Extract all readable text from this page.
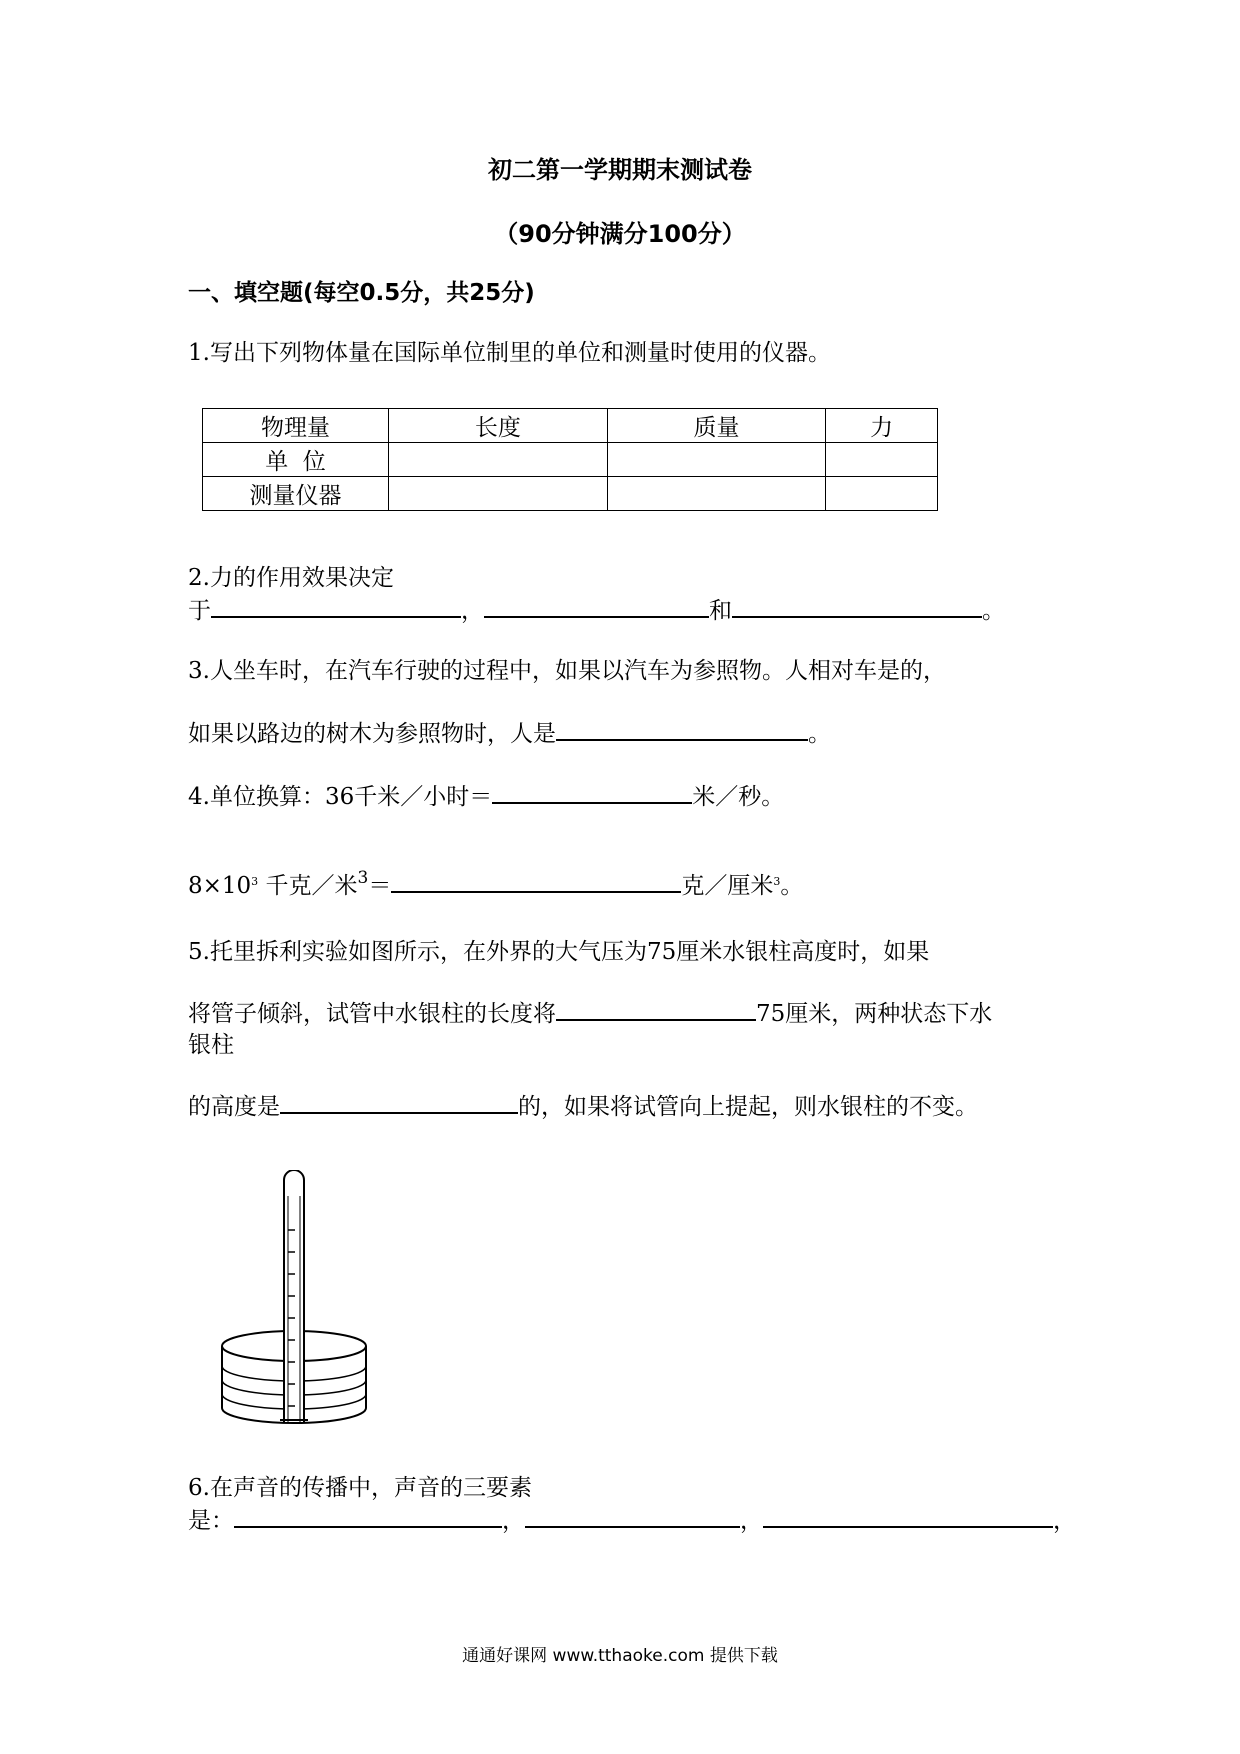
初二第一学期期末测试卷
（90分钟满分100分）
一、填空题(每空0.5分，共25分)
1.写出下列物体量在国际单位制里的单位和测量时使用的仪器。
物理量	长度	质量	力
单  位			
测量仪器			
2.力的作用效果决定
于	，	和	。
3.人坐车时，在汽车行驶的过程中，如果以汽车为参照物。人相对车是的，
如果以路边的树木为参照物时，人是	。
4.单位换算：36千米／小时＝	米／秒。
$8\times 10^3$ 千克／米$^3$＝	克／厘米$^3$。
5.托里拆利实验如图所示，在外界的大气压为75厘米水银柱高度时，如果
将管子倾斜，试管中水银柱的长度将	75厘米，两种状态下水
银柱
的高度是	的，如果将试管向上提起，则水银柱的不变。
6.在声音的传播中，声音的三要素
是：	，	，	，
通通好课网 www.tthaoke.com 提供下载
